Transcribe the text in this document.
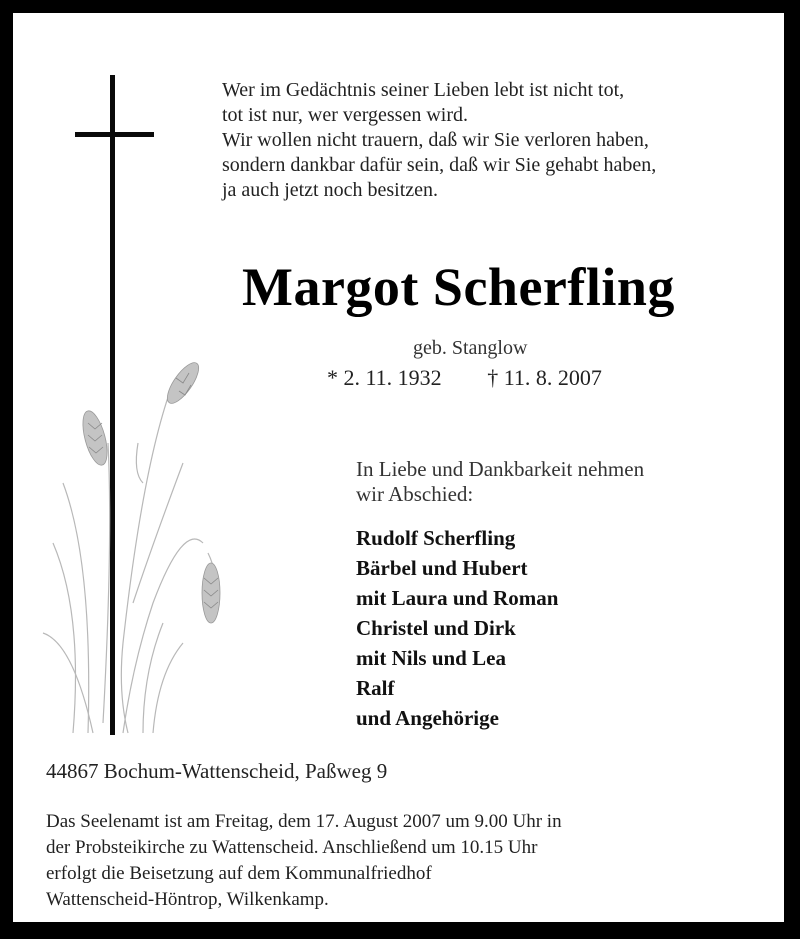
Wer im Gedächtnis seiner Lieben lebt ist nicht tot,
tot ist nur, wer vergessen wird.
Wir wollen nicht trauern, daß wir Sie verloren haben,
sondern dankbar dafür sein, daß wir Sie gehabt haben,
ja auch jetzt noch besitzen.
Margot Scherfling
geb. Stanglow
* 2. 11. 1932 † 11. 8. 2007
In Liebe und Dankbarkeit nehmen
wir Abschied:
Rudolf Scherfling
Bärbel und Hubert
mit Laura und Roman
Christel und Dirk
mit Nils und Lea
Ralf
und Angehörige
44867 Bochum-Wattenscheid, Paßweg 9
Das Seelenamt ist am Freitag, dem 17. August 2007 um 9.00 Uhr in
der Probsteikirche zu Wattenscheid. Anschließend um 10.15 Uhr
erfolgt die Beisetzung auf dem Kommunalfriedhof
Wattenscheid-Höntrop, Wilkenkamp.
